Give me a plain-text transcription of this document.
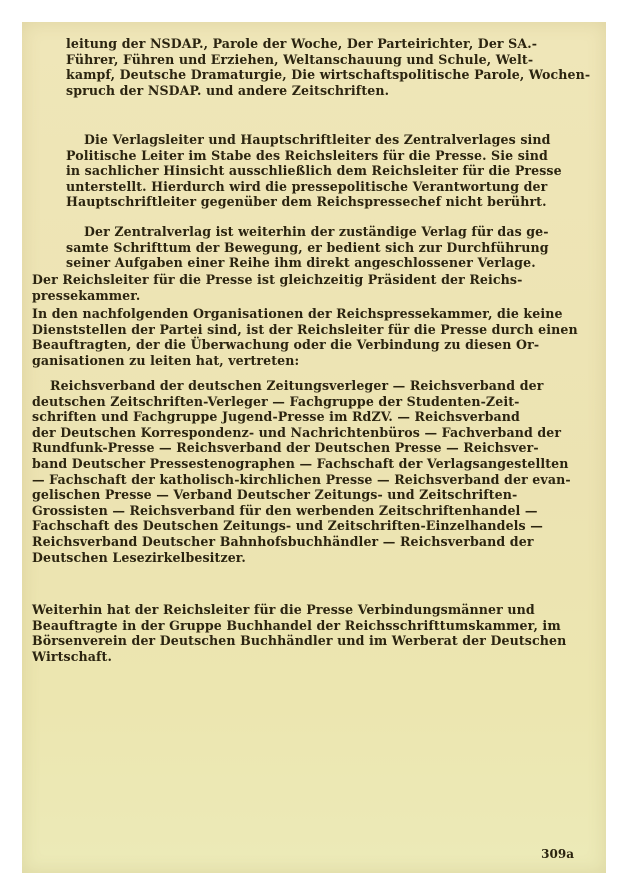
leitung der NSDAP., Parole der Woche, Der Parteirichter, Der SA.-
Führer, Führen und Erziehen, Weltanschauung und Schule, Welt-
kampf, Deutsche Dramaturgie, Die wirtschaftspolitische Parole, Wochen-
spruch der NSDAP. und andere Zeitschriften.
Die Verlagsleiter und Hauptschriftleiter des Zentralverlages sind
Politische Leiter im Stabe des Reichsleiters für die Presse. Sie sind
in sachlicher Hinsicht ausschließlich dem Reichsleiter für die Presse
unterstellt. Hierdurch wird die pressepolitische Verantwortung der
Hauptschriftleiter gegenüber dem Reichspressechef nicht berührt.
Der Zentralverlag ist weiterhin der zuständige Verlag für das ge-
samte Schrifttum der Bewegung, er bedient sich zur Durchführung
seiner Aufgaben einer Reihe ihm direkt angeschlossener Verlage.
Der Reichsleiter für die Presse ist gleichzeitig Präsident der Reichs-
pressekammer.
In den nachfolgenden Organisationen der Reichspressekammer, die keine
Dienststellen der Partei sind, ist der Reichsleiter für die Presse durch einen
Beauftragten, der die Überwachung oder die Verbindung zu diesen Or-
ganisationen zu leiten hat, vertreten:
Reichsverband der deutschen Zeitungsverleger — Reichsverband der
deutschen Zeitschriften-Verleger — Fachgruppe der Studenten-Zeit-
schriften und Fachgruppe Jugend-Presse im RdZV. — Reichsverband
der Deutschen Korrespondenz- und Nachrichtenbüros — Fachverband der
Rundfunk-Presse — Reichsverband der Deutschen Presse — Reichsver-
band Deutscher Pressestenographen — Fachschaft der Verlagsangestellten
— Fachschaft der katholisch-kirchlichen Presse — Reichsverband der evan-
gelischen Presse — Verband Deutscher Zeitungs- und Zeitschriften-
Grossisten — Reichsverband für den werbenden Zeitschriftenhandel —
Fachschaft des Deutschen Zeitungs- und Zeitschriften-Einzelhandels —
Reichsverband Deutscher Bahnhofsbuchhändler — Reichsverband der
Deutschen Lesezirkelbesitzer.
Weiterhin hat der Reichsleiter für die Presse Verbindungsmänner und
Beauftragte in der Gruppe Buchhandel der Reichsschrifttumskammer, im
Börsenverein der Deutschen Buchhändler und im Werberat der Deutschen
Wirtschaft.
309a
